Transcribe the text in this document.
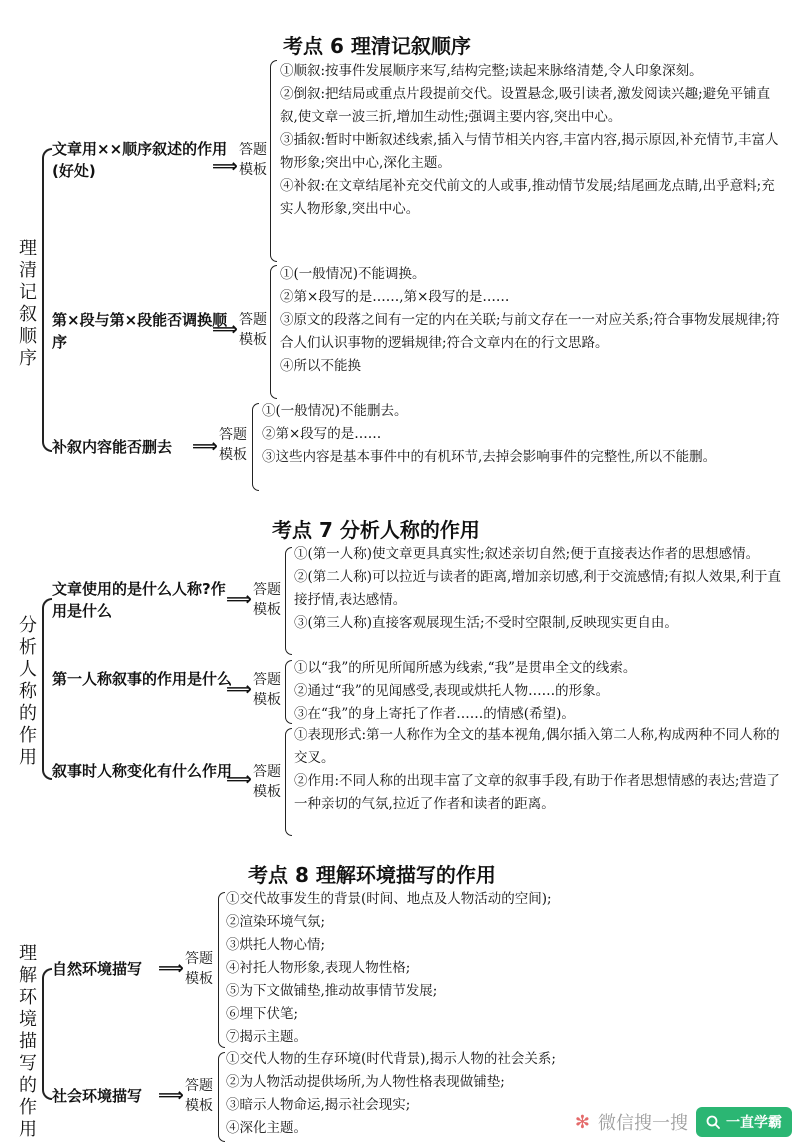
考点 6 理清记叙顺序
理清记叙顺序
文章用××顺序叙述的作用(好处)	⟹
答题模板
①顺叙:按事件发展顺序来写,结构完整;读起来脉络清楚,令人印象深刻。
②倒叙:把结局或重点片段提前交代。设置悬念,吸引读者,激发阅读兴趣;避免平铺直叙,使文章一波三折,增加生动性;强调主要内容,突出中心。
③插叙:暂时中断叙述线索,插入与情节相关内容,丰富内容,揭示原因,补充情节,丰富人物形象;突出中心,深化主题。
④补叙:在文章结尾补充交代前文的人或事,推动情节发展;结尾画龙点睛,出乎意料;充实人物形象,突出中心。
第×段与第×段能否调换顺序
⟹ 答题模板
①(一般情况)不能调换。
②第×段写的是……,第×段写的是……
③原文的段落之间有一定的内在关联;与前文存在一一对应关系;符合事物发展规律;符合人们认识事物的逻辑规律;符合文章内在的行文思路。
④所以不能换
补叙内容能否删去	⟹
答题模板
①(一般情况)不能删去。
②第×段写的是……
③这些内容是基本事件中的有机环节,去掉会影响事件的完整性,所以不能删。
考点 7 分析人称的作用
分析人称的作用
文章使用的是什么人称?作用是什么
⟹ 答题模板
①(第一人称)使文章更具真实性;叙述亲切自然;便于直接表达作者的思想感情。
②(第二人称)可以拉近与读者的距离,增加亲切感,利于交流感情;有拟人效果,利于直接抒情,表达感情。
③(第三人称)直接客观展现生活;不受时空限制,反映现实更自由。
第一人称叙事的作用是什么
⟹ 答题模板
①以“我”的所见所闻所感为线索,“我”是贯串全文的线索。
②通过“我”的见闻感受,表现或烘托人物……的形象。
③在“我”的身上寄托了作者……的情感(希望)。
叙事时人称变化有什么作用
⟹ 答题模板
①表现形式:第一人称作为全文的基本视角,偶尔插入第二人称,构成两种不同人称的交叉。
②作用:不同人称的出现丰富了文章的叙事手段,有助于作者思想情感的表达;营造了一种亲切的气氛,拉近了作者和读者的距离。
考点 8 理解环境描写的作用
理解环境描写的作用
自然环境描写 ⟹ 答题模板
①交代故事发生的背景(时间、地点及人物活动的空间);
②渲染环境气氛;
③烘托人物心情;
④衬托人物形象,表现人物性格;
⑤为下文做铺垫,推动故事情节发展;
⑥埋下伏笔;
⑦揭示主题。
社会环境描写 ⟹ 答题模板
①交代人物的生存环境(时代背景),揭示人物的社会关系;
②为人物活动提供场所,为人物性格表现做铺垫;
③暗示人物命运,揭示社会现实;
④深化主题。	✻ 微信搜一搜	一直学霸
